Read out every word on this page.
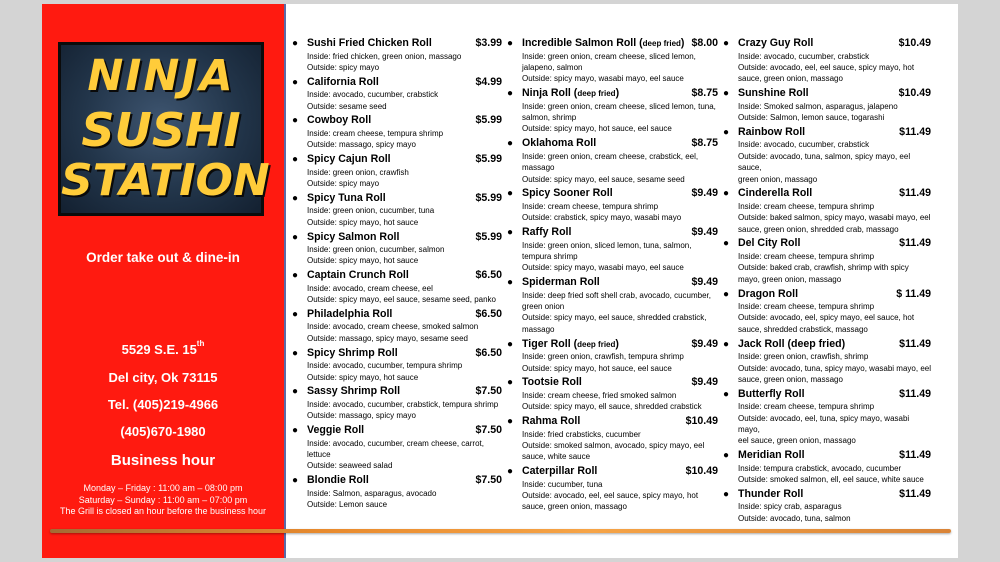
NINJA
SUSHI
STATION
Order take out & dine-in
5529 S.E. 15th
Del city, Ok 73115
Tel. (405)219-4966
(405)670-1980
Business hour
Monday – Friday : 11:00 am – 08:00 pm
Saturday – Sunday : 11:00 am – 07:00 pm
The Grill is closed an hour before the business hour
● Sushi Fried Chicken Roll	$3.99
Inside: fried chicken, green onion, massago
Outside: spicy mayo
● California Roll	$4.99
Inside: avocado, cucumber, crabstick
Outside: sesame seed
● Cowboy Roll	$5.99
Inside: cream cheese, tempura shrimp
Outside: massago, spicy mayo
● Spicy Cajun Roll	$5.99
Inside: green onion, crawfish
Outside: spicy mayo
● Spicy Tuna Roll	$5.99
Inside: green onion, cucumber, tuna
Outside: spicy mayo, hot sauce
● Spicy Salmon Roll	$5.99
Inside: green onion, cucumber, salmon
Outside: spicy mayo, hot sauce
● Captain Crunch Roll	$6.50
Inside: avocado, cream cheese, eel
Outside: spicy mayo, eel sauce, sesame seed, panko
● Philadelphia Roll	$6.50
Inside: avocado, cream cheese, smoked salmon
Outside: massago, spicy mayo, sesame seed
● Spicy Shrimp Roll	$6.50
Inside: avocado, cucumber, tempura shrimp
Outside: spicy mayo, hot sauce
● Sassy Shrimp Roll	$7.50
Inside: avocado, cucumber, crabstick, tempura shrimp
Outside: massago, spicy mayo
● Veggie Roll	$7.50
Inside: avocado, cucumber, cream cheese, carrot,
lettuce
Outside: seaweed salad
● Blondie Roll	$7.50
Inside: Salmon, asparagus, avocado
Outside: Lemon sauce
● Incredible Salmon Roll (deep fried) $8.00
Inside: green onion, cream cheese, sliced lemon,
jalapeno, salmon
Outside: spicy mayo, wasabi mayo, eel sauce
● Ninja Roll (deep fried)	$8.75
Inside: green onion, cream cheese, sliced lemon, tuna,
salmon, shrimp
Outside: spicy mayo, hot sauce, eel sauce
● Oklahoma Roll	$8.75
Inside: green onion, cream cheese, crabstick, eel,
massago
Outside: spicy mayo, eel sauce, sesame seed
● Spicy Sooner Roll	$9.49
Inside: cream cheese, tempura shrimp
Outside: crabstick, spicy mayo, wasabi mayo
● Raffy Roll	$9.49
Inside: green onion, sliced lemon, tuna, salmon,
tempura shrimp
Outside: spicy mayo, wasabi mayo, eel sauce
● Spiderman Roll	$9.49
Inside: deep fried soft shell crab, avocado, cucumber,
green onion
Outside: spicy mayo, eel sauce, shredded crabstick,
massago
● Tiger Roll (deep fried)	$9.49
Inside: green onion, crawfish, tempura shrimp
Outside: spicy mayo, hot sauce, eel sauce
● Tootsie Roll	$9.49
Inside: cream cheese, fried smoked salmon
Outside: spicy mayo, ell sauce, shredded crabstick
● Rahma Roll	$10.49
Inside: fried crabsticks, cucumber
Outside: smoked salmon, avocado, spicy mayo, eel
sauce, white sauce
● Caterpillar Roll	$10.49
Inside: cucumber, tuna
Outside: avocado, eel, eel sauce, spicy mayo, hot
sauce, green onion, massago
● Crazy Guy Roll	$10.49
Inside: avocado, cucumber, crabstick
Outside: avocado, eel, eel sauce, spicy mayo, hot
sauce, green onion, massago
● Sunshine Roll	$10.49
Inside: Smoked salmon, asparagus, jalapeno
Outside: Salmon, lemon sauce, togarashi
● Rainbow Roll	$11.49
Inside: avocado, cucumber, crabstick
Outside: avocado, tuna, salmon, spicy mayo, eel sauce,
green onion, massago
● Cinderella Roll	$11.49
Inside: cream cheese, tempura shrimp
Outside: baked salmon, spicy mayo, wasabi mayo, eel
sauce, green onion, shredded crab, massago
● Del City Roll	$11.49
Inside: cream cheese, tempura shrimp
Outside: baked crab, crawfish, shrimp with spicy
mayo, green onion, massago
● Dragon Roll	$ 11.49
Inside: cream cheese, tempura shrimp
Outside: avocado, eel, spicy mayo, eel sauce, hot
sauce, shredded crabstick, massago
● Jack Roll (deep fried)	$11.49
Inside: green onion, crawfish, shrimp
Outside: avocado, tuna, spicy mayo, wasabi mayo, eel
sauce, green onion, massago
● Butterfly Roll	$11.49
Inside: cream cheese, tempura shrimp
Outside: avocado, eel, tuna, spicy mayo, wasabi mayo,
eel sauce, green onion, massago
● Meridian Roll	$11.49
Inside: tempura crabstick, avocado, cucumber
Outside: smoked salmon, ell, eel sauce, white sauce
● Thunder Roll	$11.49
Inside: spicy crab, asparagus
Outside: avocado, tuna, salmon
